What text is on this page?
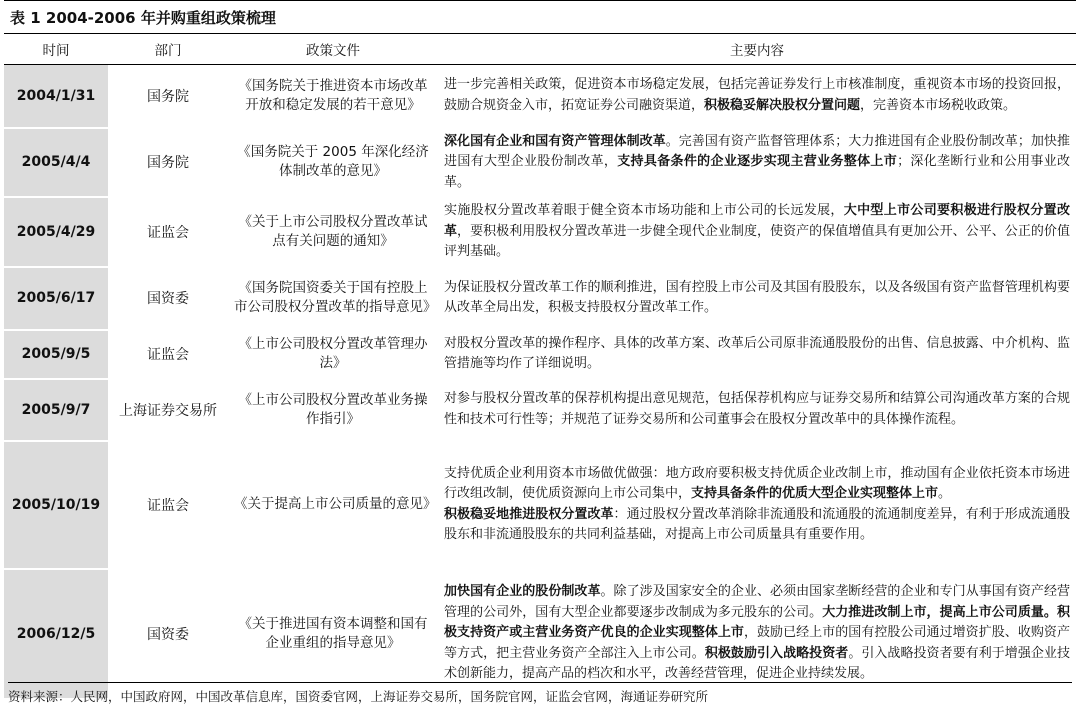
表 1 2004-2006 年并购重组政策梳理
时间	部门	政策文件	主要内容
2004/1/31	国务院	《国务院关于推进资本市场改革开放和稳定发展的若干意见》	进一步完善相关政策，促进资本市场稳定发展，包括完善证券发行上市核准制度，重视资本市场的投资回报，鼓励合规资金入市，拓宽证券公司融资渠道，积极稳妥解决股权分置问题，完善资本市场税收政策。
2005/4/4	国务院	《国务院关于 2005 年深化经济体制改革的意见》	深化国有企业和国有资产管理体制改革。完善国有资产监督管理体系；大力推进国有企业股份制改革；加快推进国有大型企业股份制改革，支持具备条件的企业逐步实现主营业务整体上市；深化垄断行业和公用事业改革。
2005/4/29	证监会	《关于上市公司股权分置改革试点有关问题的通知》	实施股权分置改革着眼于健全资本市场功能和上市公司的长远发展，大中型上市公司要积极进行股权分置改革，要积极利用股权分置改革进一步健全现代企业制度，使资产的保值增值具有更加公开、公平、公正的价值评判基础。
2005/6/17	国资委	《国务院国资委关于国有控股上市公司股权分置改革的指导意见》	为保证股权分置改革工作的顺利推进，国有控股上市公司及其国有股股东，以及各级国有资产监督管理机构要从改革全局出发，积极支持股权分置改革工作。
2005/9/5	证监会	《上市公司股权分置改革管理办法》	对股权分置改革的操作程序、具体的改革方案、改革后公司原非流通股股份的出售、信息披露、中介机构、监管措施等均作了详细说明。
2005/9/7	上海证券交易所	《上市公司股权分置改革业务操作指引》	对参与股权分置改革的保荐机构提出意见规范，包括保荐机构应与证券交易所和结算公司沟通改革方案的合规性和技术可行性等；并规范了证券交易所和公司董事会在股权分置改革中的具体操作流程。
2005/10/19	证监会	《关于提高上市公司质量的意见》	支持优质企业利用资本市场做优做强：地方政府要积极支持优质企业改制上市，推动国有企业依托资本市场进行改组改制，使优质资源向上市公司集中，支持具备条件的优质大型企业实现整体上市。
积极稳妥地推进股权分置改革：通过股权分置改革消除非流通股和流通股的流通制度差异，有利于形成流通股股东和非流通股股东的共同利益基础，对提高上市公司质量具有重要作用。
2006/12/5	国资委	《关于推进国有资本调整和国有企业重组的指导意见》	加快国有企业的股份制改革。除了涉及国家安全的企业、必须由国家垄断经营的企业和专门从事国有资产经营管理的公司外，国有大型企业都要逐步改制成为多元股东的公司。大力推进改制上市，提高上市公司质量。积极支持资产或主营业务资产优良的企业实现整体上市，鼓励已经上市的国有控股公司通过增资扩股、收购资产等方式，把主营业务资产全部注入上市公司。积极鼓励引入战略投资者。引入战略投资者要有利于增强企业技术创新能力，提高产品的档次和水平，改善经营管理，促进企业持续发展。
资料来源：人民网，中国政府网，中国改革信息库，国资委官网，上海证券交易所，国务院官网，证监会官网，海通证券研究所
